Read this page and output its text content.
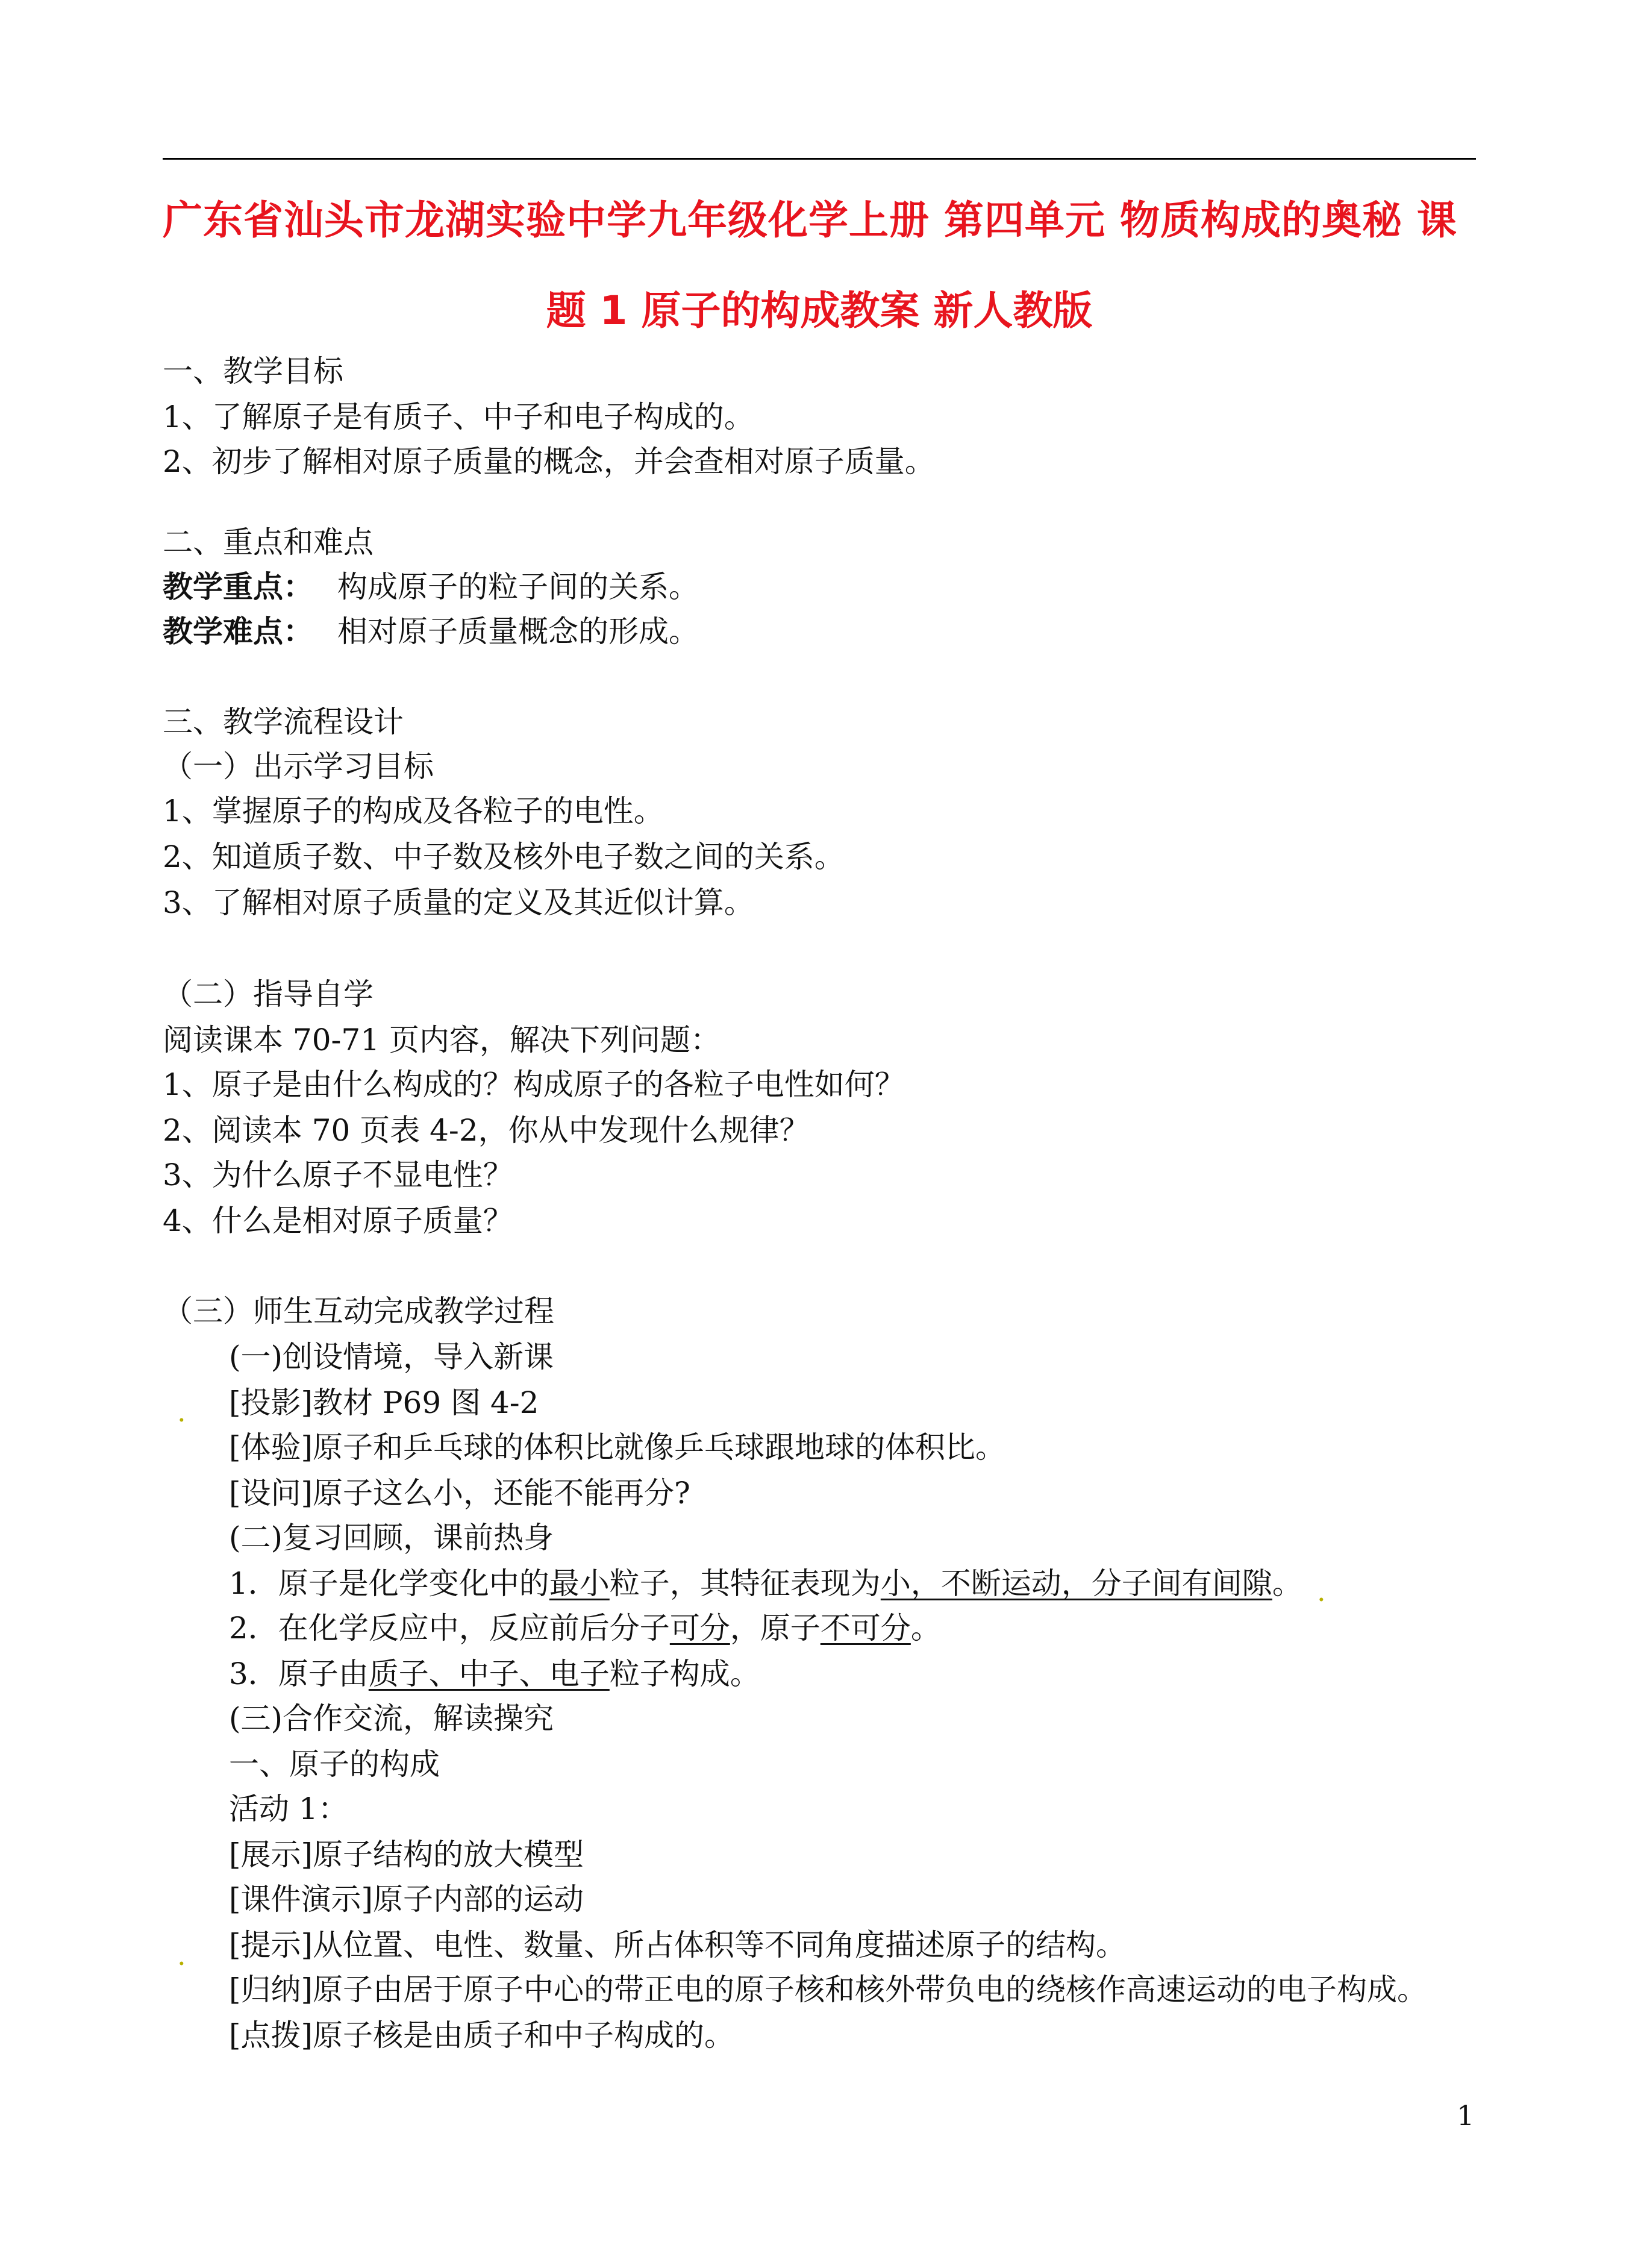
广东省汕头市龙湖实验中学九年级化学上册 第四单元 物质构成的奥秘 课
题 1 原子的构成教案 新人教版
一、教学目标
1、了解原子是有质子、中子和电子构成的。
2、初步了解相对原子质量的概念，并会查相对原子质量。
二、重点和难点
教学重点： 构成原子的粒子间的关系。
教学难点： 相对原子质量概念的形成。
三、教学流程设计
（一）出示学习目标
1、掌握原子的构成及各粒子的电性。
2、知道质子数、中子数及核外电子数之间的关系。
3、了解相对原子质量的定义及其近似计算。
（二）指导自学
阅读课本 70-71 页内容，解决下列问题：
1、原子是由什么构成的？构成原子的各粒子电性如何？
2、阅读本 70 页表 4-2，你从中发现什么规律？
3、为什么原子不显电性？
4、什么是相对原子质量？
（三）师生互动完成教学过程
(一)创设情境，导入新课
. [投影]教材 P69 图 4-2
[体验]原子和乒乓球的体积比就像乒乓球跟地球的体积比。
[设问]原子这么小，还能不能再分?
(二)复习回顾，课前热身
1．原子是化学变化中的最小粒子，其特征表现为小，不断运动，分子间有间隙。 .
2．在化学反应中，反应前后分子可分，原子不可分。
3．原子由质子、中子、电子粒子构成。
(三)合作交流，解读操究
一、原子的构成
活动 1：
[展示]原子结构的放大模型
[课件演示]原子内部的运动
. [提示]从位置、电性、数量、所占体积等不同角度描述原子的结构。
[归纳]原子由居于原子中心的带正电的原子核和核外带负电的绕核作高速运动的电子构成。
[点拨]原子核是由质子和中子构成的。
1
